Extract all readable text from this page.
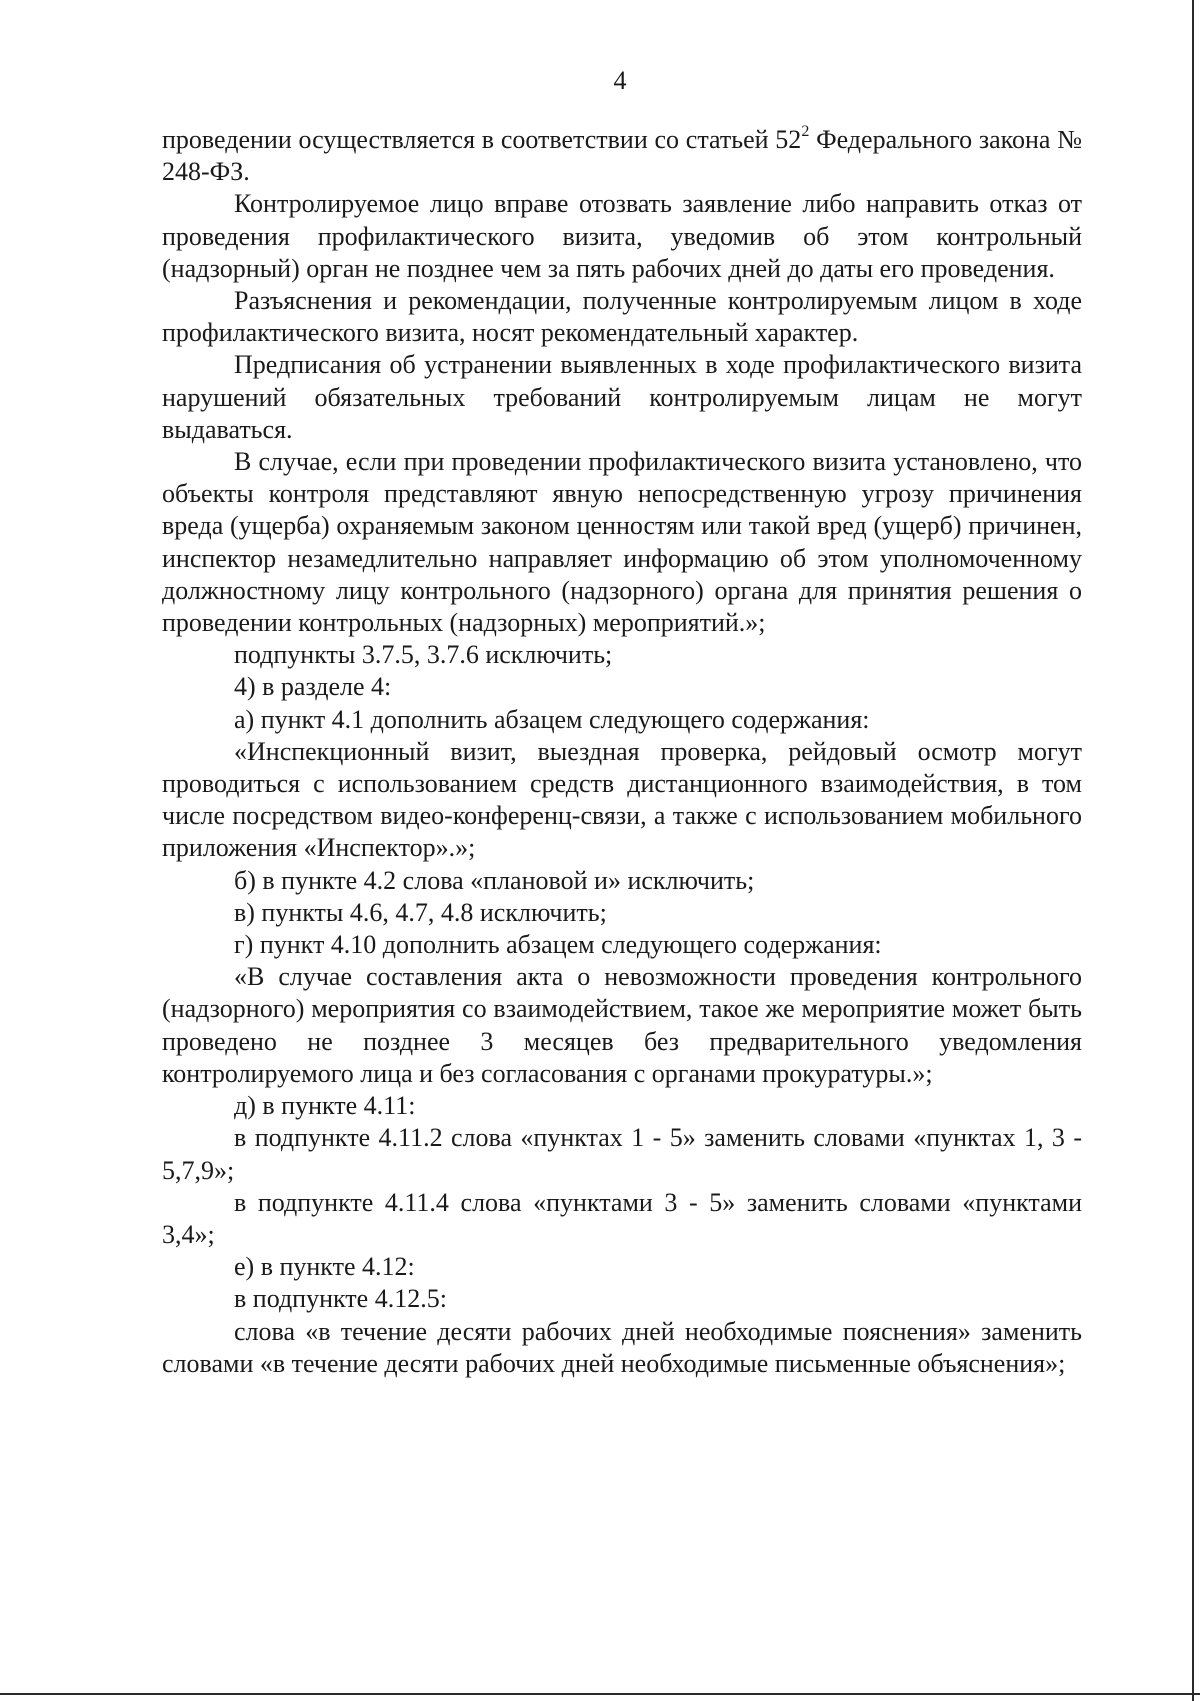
4

проведении осуществляется в соответствии со статьей $52^2$ Федерального закона № 248-ФЗ.

Контролируемое лицо вправе отозвать заявление либо направить отказ от проведения профилактического визита, уведомив об этом контрольный (надзорный) орган не позднее чем за пять рабочих дней до даты его проведения.

Разъяснения и рекомендации, полученные контролируемым лицом в ходе профилактического визита, носят рекомендательный характер.

Предписания об устранении выявленных в ходе профилактического визита нарушений обязательных требований контролируемым лицам не могут выдаваться.

В случае, если при проведении профилактического визита установлено, что объекты контроля представляют явную непосредственную угрозу причинения вреда (ущерба) охраняемым законом ценностям или такой вред (ущерб) причинен, инспектор незамедлительно направляет информацию об этом уполномоченному должностному лицу контрольного (надзорного) органа для принятия решения о проведении контрольных (надзорных) мероприятий.»;

подпункты 3.7.5, 3.7.6 исключить;

4) в разделе 4:

а) пункт 4.1 дополнить абзацем следующего содержания:

«Инспекционный визит, выездная проверка, рейдовый осмотр могут проводиться с использованием средств дистанционного взаимодействия, в том числе посредством видео-конференц-связи, а также с использованием мобильного приложения «Инспектор».»;

б) в пункте 4.2 слова «плановой и» исключить;

в) пункты 4.6, 4.7, 4.8 исключить;

г) пункт 4.10 дополнить абзацем следующего содержания:

«В случае составления акта о невозможности проведения контрольного (надзорного) мероприятия со взаимодействием, такое же мероприятие может быть проведено не позднее 3 месяцев без предварительного уведомления контролируемого лица и без согласования с органами прокуратуры.»;

д) в пункте 4.11:

в подпункте 4.11.2 слова «пунктах 1 - 5» заменить словами «пунктах 1, 3 - 5,7,9»;

в подпункте 4.11.4 слова «пунктами 3 - 5» заменить словами «пунктами 3,4»;

е) в пункте 4.12:

в подпункте 4.12.5:

слова «в течение десяти рабочих дней необходимые пояснения» заменить словами «в течение десяти рабочих дней необходимые письменные объяснения»;
